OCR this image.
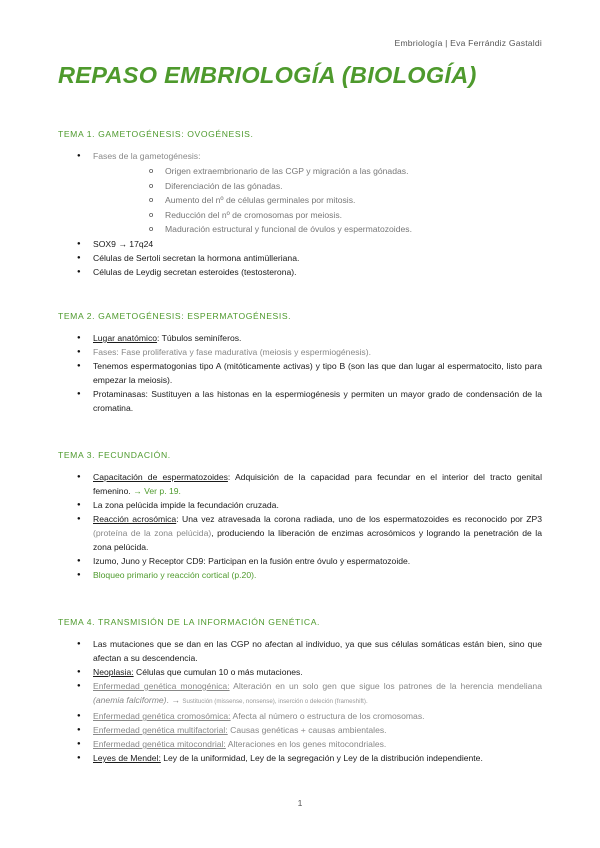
Embriología | Eva Ferrándiz Gastaldi
REPASO EMBRIOLOGÍA (BIOLOGÍA)
TEMA 1. GAMETOGÉNESIS: OVOGÉNESIS.
● Fases de la gametogénesis:
o Origen extraembrionario de las CGP y migración a las gónadas.
o Diferenciación de las gónadas.
o Aumento del nº de células germinales por mitosis.
o Reducción del nº de cromosomas por meiosis.
o Maduración estructural y funcional de óvulos y espermatozoides.
● SOX9 → 17q24
● Células de Sertoli secretan la hormona antimülleriana.
● Células de Leydig secretan esteroides (testosterona).
TEMA 2. GAMETOGÉNESIS: ESPERMATOGÉNESIS.
● Lugar anatómico: Túbulos seminíferos.
● Fases: Fase proliferativa y fase madurativa (meiosis y espermiogénesis).
● Tenemos espermatogonias tipo A (mitóticamente activas) y tipo B (son las que dan lugar al espermatocito, listo para empezar la meiosis).
● Protaminasas: Sustituyen a las histonas en la espermiogénesis y permiten un mayor grado de condensación de la cromatina.
TEMA 3. FECUNDACIÓN.
● Capacitación de espermatozoides: Adquisición de la capacidad para fecundar en el interior del tracto genital femenino. → Ver p. 19.
● La zona pelúcida impide la fecundación cruzada.
● Reacción acrosómica: Una vez atravesada la corona radiada, uno de los espermatozoides es reconocido por ZP3 (proteína de la zona pelúcida), produciendo la liberación de enzimas acrosómicos y logrando la penetración de la zona pelúcida.
● Izumo, Juno y Receptor CD9: Participan en la fusión entre óvulo y espermatozoide.
● Bloqueo primario y reacción cortical (p.20).
TEMA 4. TRANSMISIÓN DE LA INFORMACIÓN GENÉTICA.
● Las mutaciones que se dan en las CGP no afectan al individuo, ya que sus células somáticas están bien, sino que afectan a su descendencia.
● Neoplasia: Células que cumulan 10 o más mutaciones.
● Enfermedad genética monogénica: Alteración en un solo gen que sigue los patrones de la herencia mendeliana (anemia falciforme). → Sustitución (missense, nonsense), inserción o deleción (frameshift).
● Enfermedad genética cromosómica: Afecta al número o estructura de los cromosomas.
● Enfermedad genética multifactorial: Causas genéticas + causas ambientales.
● Enfermedad genética mitocondrial: Alteraciones en los genes mitocondriales.
● Leyes de Mendel: Ley de la uniformidad, Ley de la segregación y Ley de la distribución independiente.
1
